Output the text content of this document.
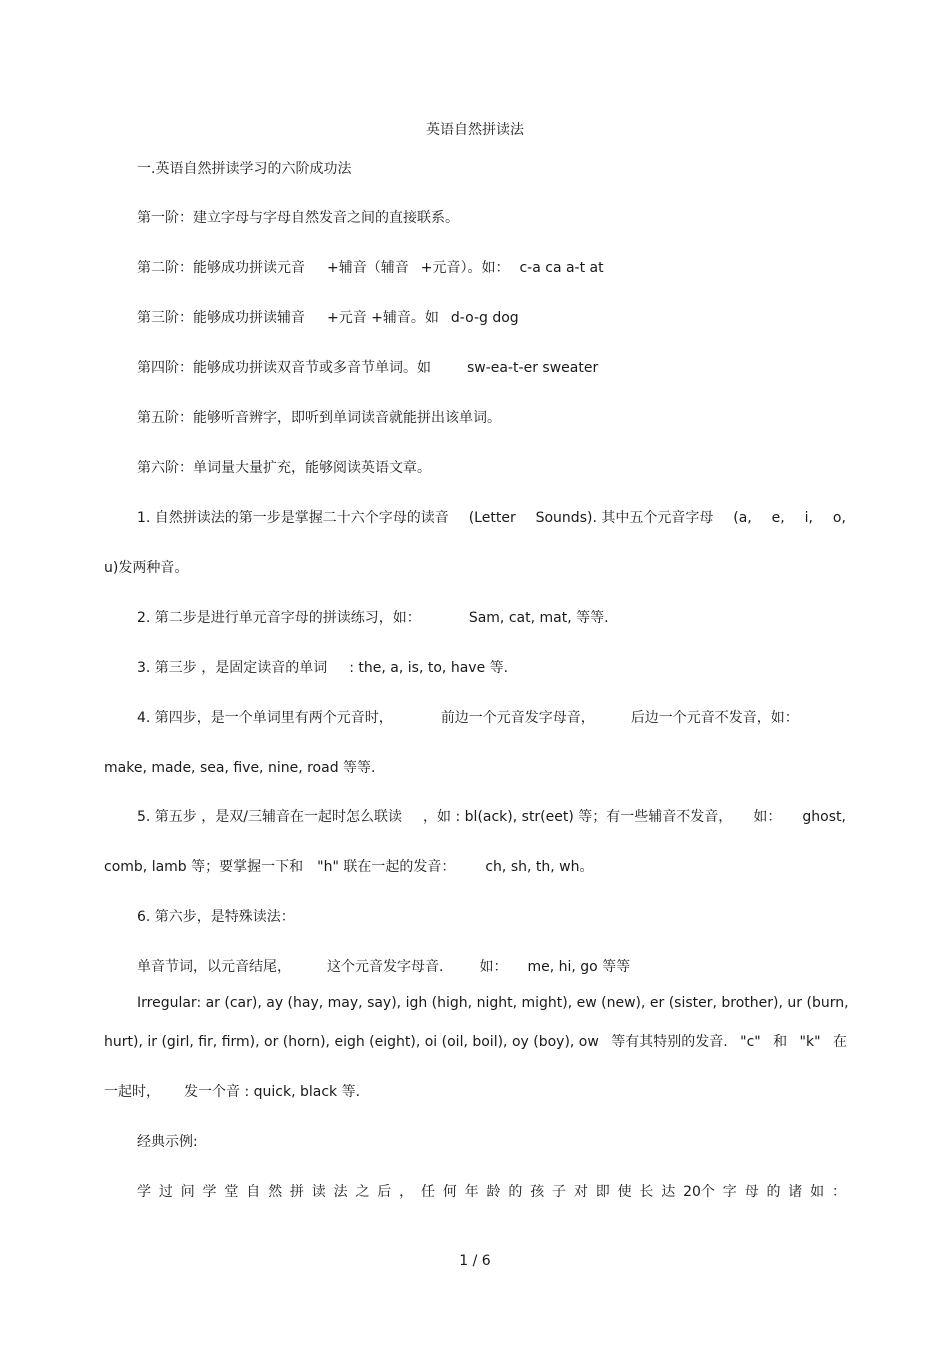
英语自然拼读法
一.英语自然拼读学习的六阶成功法
第一阶：建立字母与字母自然发音之间的直接联系。
第二阶：能够成功拼读元音 +辅音（辅音 +元音）。如： c-a ca a-t at
第三阶：能够成功拼读辅音 +元音 +辅音。如 d-o-g dog
第四阶：能够成功拼读双音节或多音节单词。如	sw-ea-t-er sweater
第五阶：能够听音辨字，即听到单词读音就能拼出该单词。
第六阶：单词量大量扩充，能够阅读英语文章。
1. 自然拼读法的第一步是掌握二十六个字母的读音 (Letter Sounds). 其中五个元音字母 (a, e, i, o,
u)发两种音。
2. 第二步是进行单元音字母的拼读练习，如：	Sam, cat, mat, 等等.
3. 第三步 ，是固定读音的单词 : the, a, is, to, have 等.
4. 第四步，是一个单词里有两个元音时，	前边一个元音发字母音，	后边一个元音不发音，如：
make, made, sea, five, nine, road 等等.
5. 第五步 ，是双/三辅音在一起时怎么联读 ，如 : bl(ack), str(eet) 等；有一些辅音不发音， 如： ghost,
comb, lamb 等；要掌握一下和 "h" 联在一起的发音： ch, sh, th, wh。
6. 第六步，是特殊读法：
单音节词，以元音结尾，	这个元音发字母音.	如： me, hi, go 等等
Irregular: ar (car), ay (hay, may, say), igh (high, night, might), ew (new), er (sister, brother), ur (burn,
hurt), ir (girl, fir, firm), or (horn), eigh (eight), oi (oil, boil), oy (boy), ow 等有其特别的发音. "c" 和 "k" 在
一起时， 发一个音 : quick, black 等.
经典示例:
学 过 问 学 堂 自 然 拼 读 法 之 后 ， 任 何 年 龄 的 孩 子 对 即 使 长 达 20个 字 母 的 诸 如 ：
1 / 6
